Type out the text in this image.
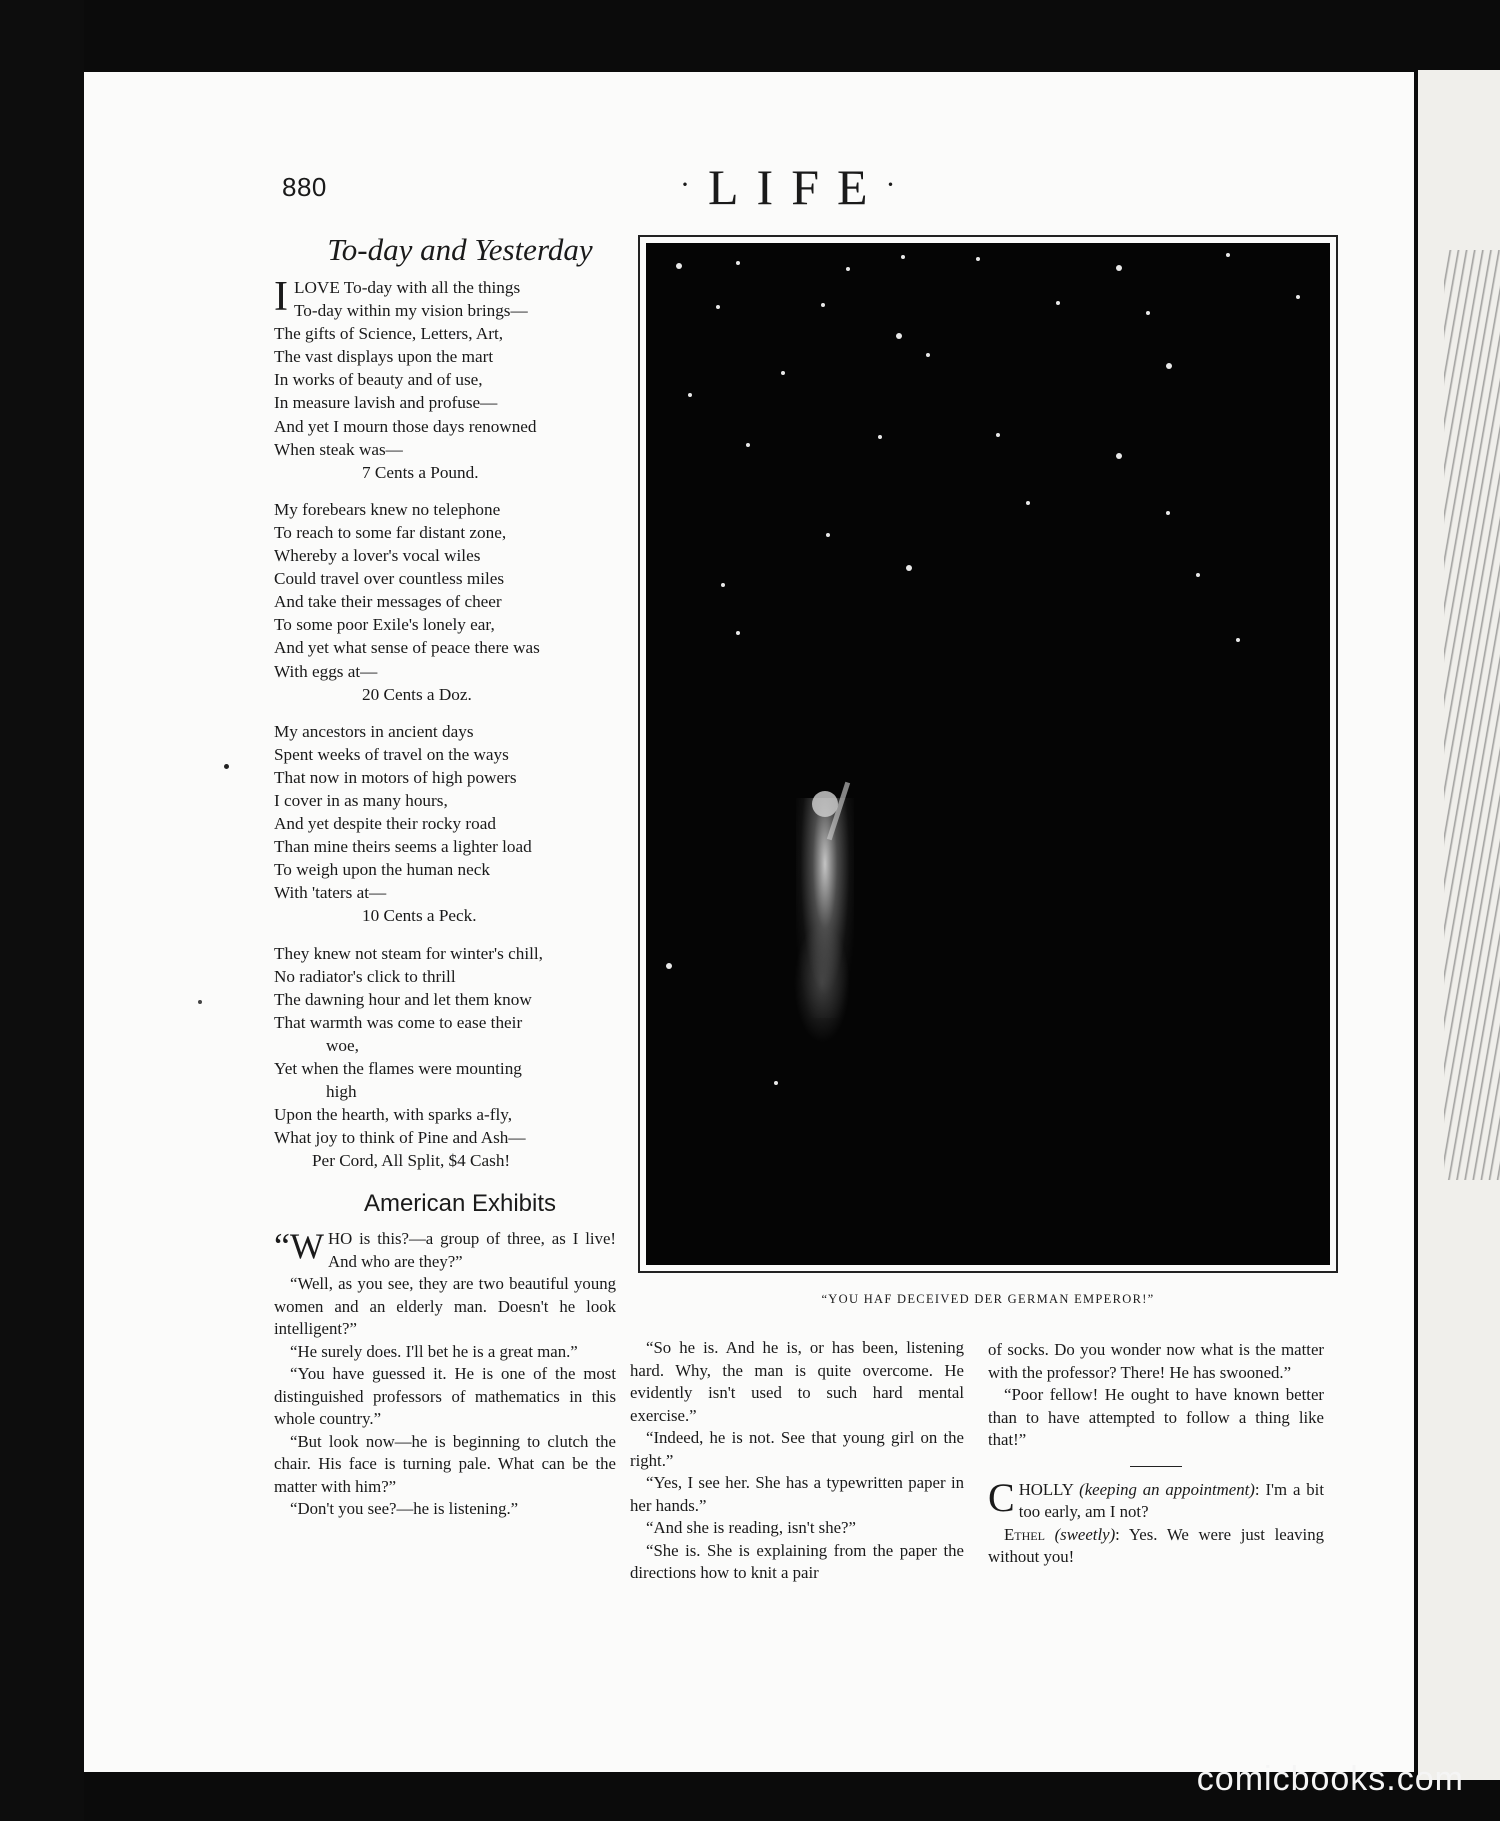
880	·LIFE·
To-day and Yesterday
I LOVE To-day with all the things
To-day within my vision brings—
The gifts of Science, Letters, Art,
The vast displays upon the mart
In works of beauty and of use,
In measure lavish and profuse—
And yet I mourn those days renowned
When steak was—
7 Cents a Pound.
My forebears knew no telephone
To reach to some far distant zone,
Whereby a lover's vocal wiles
Could travel over countless miles
And take their messages of cheer
To some poor Exile's lonely ear,
And yet what sense of peace there was
With eggs at—
20 Cents a Doz.
My ancestors in ancient days
Spent weeks of travel on the ways
That now in motors of high powers
I cover in as many hours,
And yet despite their rocky road
Than mine theirs seems a lighter load
To weigh upon the human neck
With 'taters at—
10 Cents a Peck.
They knew not steam for winter's chill,
No radiator's click to thrill
The dawning hour and let them know
That warmth was come to ease their
woe,
Yet when the flames were mounting
high
Upon the hearth, with sparks a-fly,
What joy to think of Pine and Ash—
Per Cord, All Split, $4 Cash!
American Exhibits

“W HO is this?—a group of three, as I live! And who are they?”

“Well, as you see, they are two beautiful young women and an elderly man. Doesn't he look intelligent?”

“He surely does. I'll bet he is a great man.”

“You have guessed it. He is one of the most distinguished professors of mathematics in this whole country.”

“But look now—he is beginning to clutch the chair. His face is turning pale. What can be the matter with him?”

“Don't you see?—he is listening.”

“YOU HAF DECEIVED DER GERMAN EMPEROR!”

“So he is. And he is, or has been, listening hard. Why, the man is quite overcome. He evidently isn't used to such hard mental exercise.”

“Indeed, he is not. See that young girl on the right.”

“Yes, I see her. She has a typewritten paper in her hands.”

“And she is reading, isn't she?”

“She is. She is explaining from the paper the directions how to knit a pair

of socks. Do you wonder now what is the matter with the professor? There! He has swooned.”

“Poor fellow! He ought to have known better than to have attempted to follow a thing like that!”

CHOLLY (keeping an appointment): I'm a bit too early, am I not?

Ethel (sweetly): Yes. We were just leaving without you!

comicbooks.com
